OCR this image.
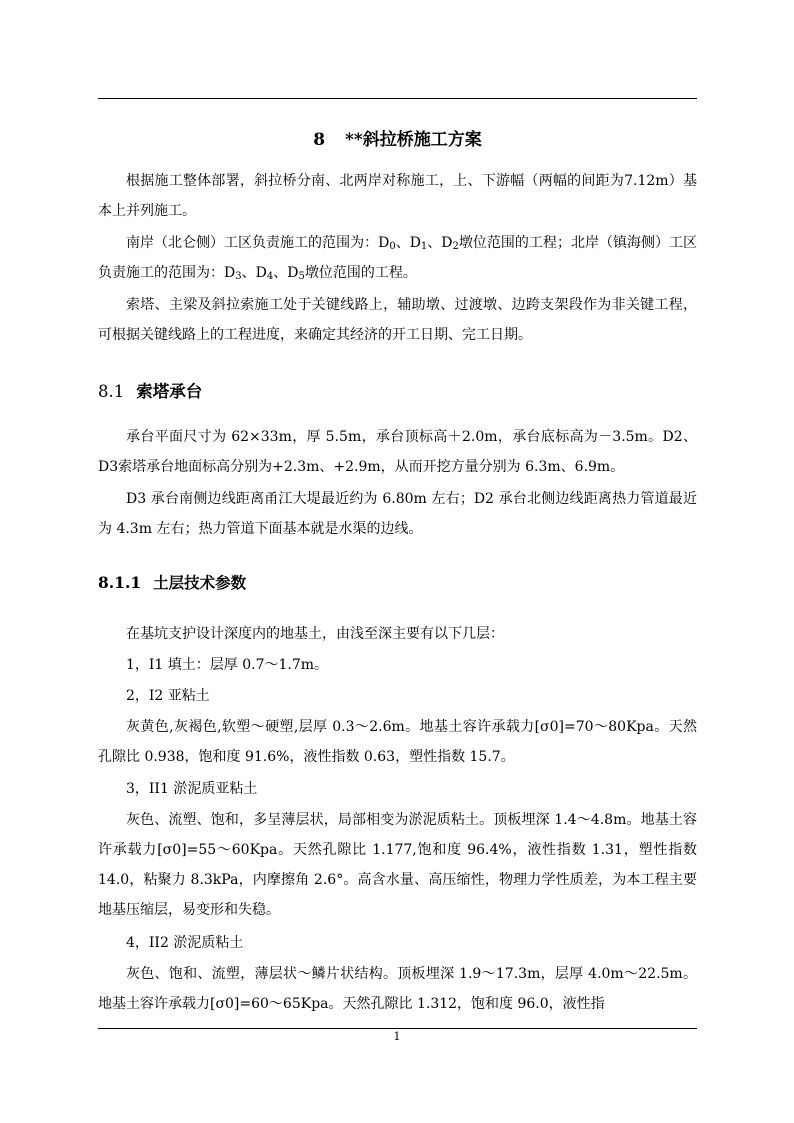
8 **斜拉桥施工方案

根据施工整体部署，斜拉桥分南、北两岸对称施工，上、下游幅（两幅的间距为7.12m）基本上并列施工。

南岸（北仑侧）工区负责施工的范围为：$D_0$、$D_1$、$D_2$墩位范围的工程；北岸（镇海侧）工区负责施工的范围为：$D_3$、$D_4$、$D_5$墩位范围的工程。

索塔、主梁及斜拉索施工处于关键线路上，辅助墩、过渡墩、边跨支架段作为非关键工程，可根据关键线路上的工程进度，来确定其经济的开工日期、完工日期。

8.1 索塔承台

承台平面尺寸为 62×33m，厚 5.5m，承台顶标高＋2.0m，承台底标高为－3.5m。D2、D3索塔承台地面标高分别为+2.3m、+2.9m，从而开挖方量分别为 6.3m、6.9m。

D3 承台南侧边线距离甬江大堤最近约为 6.80m 左右；D2 承台北侧边线距离热力管道最近为 4.3m 左右；热力管道下面基本就是水渠的边线。

8.1.1 土层技术参数

在基坑支护设计深度内的地基土，由浅至深主要有以下几层：

1，I1 填土：层厚 0.7～1.7m。

2，I2 亚粘土

灰黄色,灰褐色,软塑～硬塑,层厚 0.3～2.6m。地基土容许承载力[σ0]=70～80Kpa。天然孔隙比 0.938，饱和度 91.6%，液性指数 0.63，塑性指数 15.7。

3，II1 淤泥质亚粘土

灰色、流塑、饱和，多呈薄层状，局部相变为淤泥质粘土。顶板埋深 1.4～4.8m。地基土容许承载力[σ0]=55～60Kpa。天然孔隙比 1.177,饱和度 96.4%，液性指数 1.31，塑性指数 14.0，粘聚力 8.3kPa，内摩擦角 2.6°。高含水量、高压缩性，物理力学性质差，为本工程主要地基压缩层，易变形和失稳。

4，II2 淤泥质粘土

灰色、饱和、流塑，薄层状～鳞片状结构。顶板埋深 1.9～17.3m，层厚 4.0m～22.5m。地基土容许承载力[σ0]=60～65Kpa。天然孔隙比 1.312，饱和度 96.0，液性指

1
